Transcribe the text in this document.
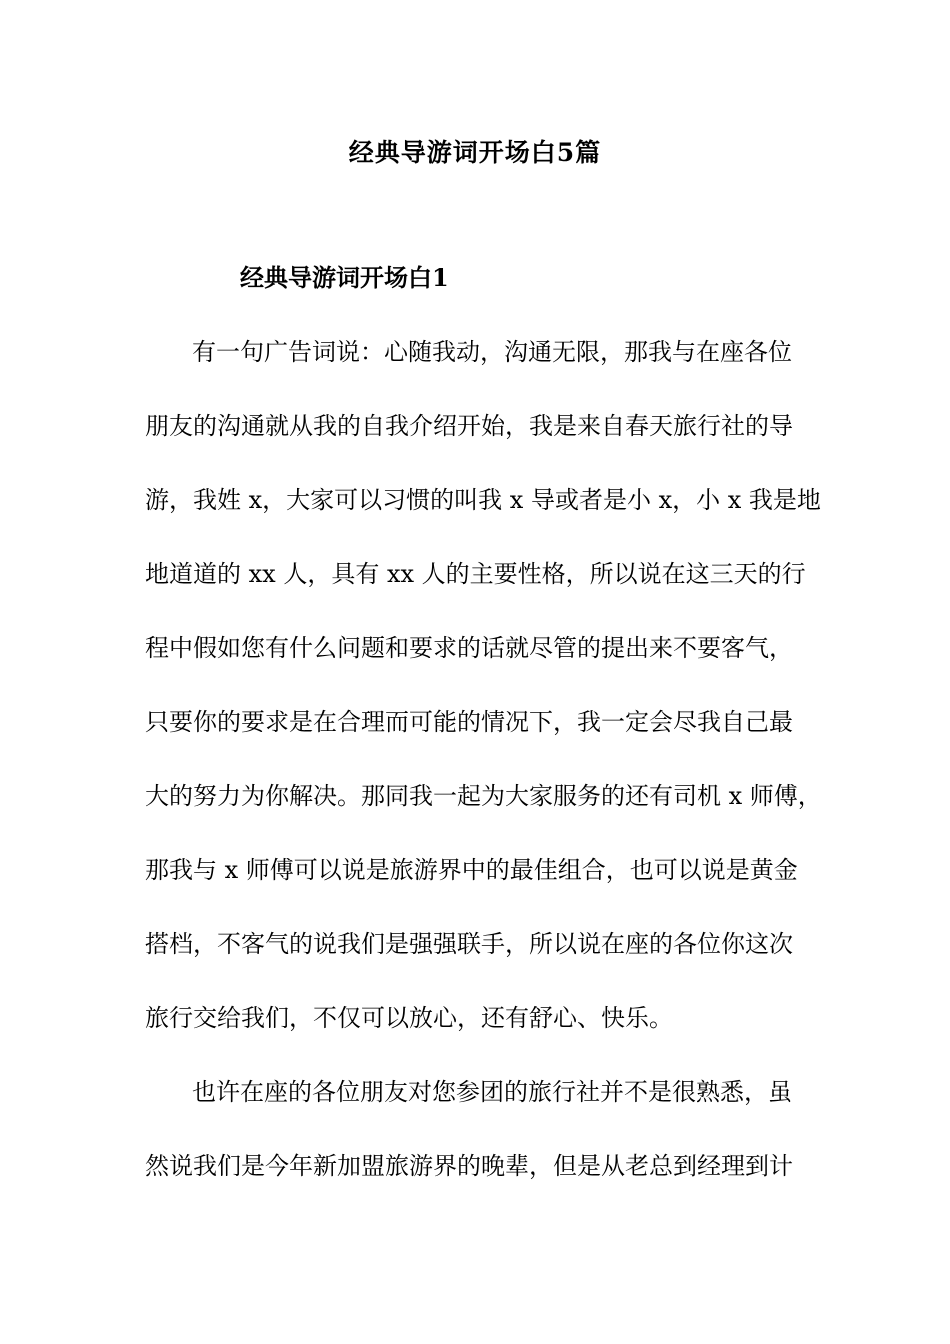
经典导游词开场白5篇
经典导游词开场白1

有一句广告词说：心随我动，沟通无限，那我与在座各位

朋友的沟通就从我的自我介绍开始，我是来自春天旅行社的导

游，我姓 x，大家可以习惯的叫我 x 导或者是小 x，小 x 我是地

地道道的 xx 人，具有 xx 人的主要性格，所以说在这三天的行

程中假如您有什么问题和要求的话就尽管的提出来不要客气，

只要你的要求是在合理而可能的情况下，我一定会尽我自己最

大的努力为你解决。那同我一起为大家服务的还有司机 x 师傅，

那我与 x 师傅可以说是旅游界中的最佳组合，也可以说是黄金

搭档，不客气的说我们是强强联手，所以说在座的各位你这次

旅行交给我们，不仅可以放心，还有舒心、快乐。

也许在座的各位朋友对您参团的旅行社并不是很熟悉，虽

然说我们是今年新加盟旅游界的晚辈，但是从老总到经理到计
